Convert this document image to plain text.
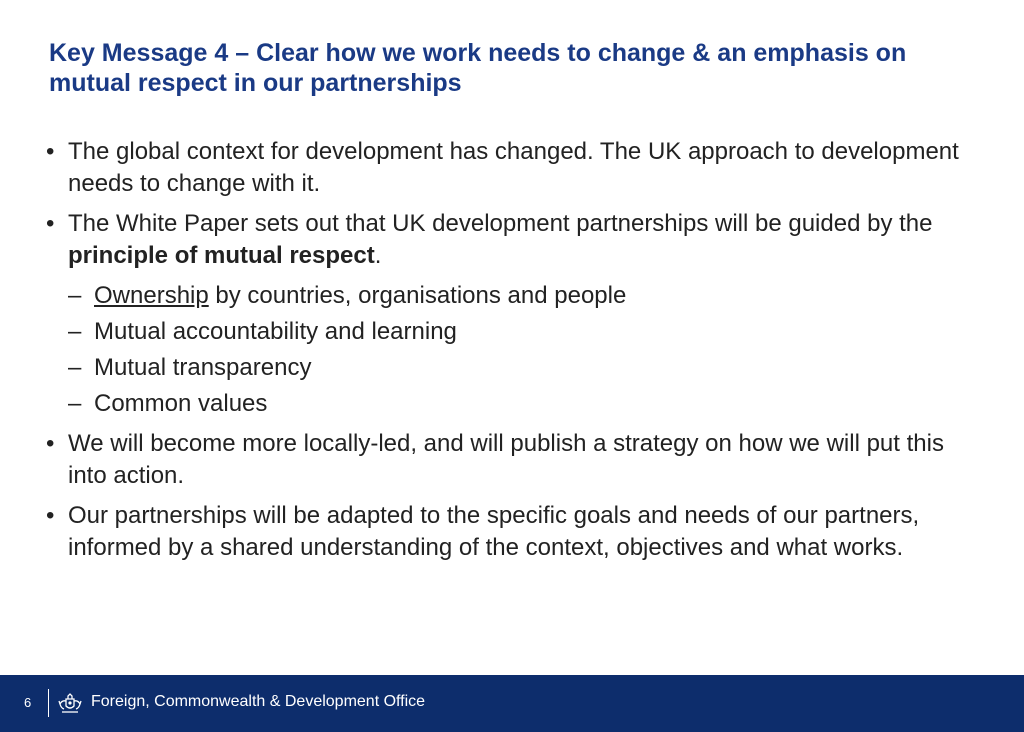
Key Message 4 – Clear how we work needs to change & an emphasis on mutual respect in our partnerships
• The global context for development has changed. The UK approach to development needs to change with it.
• The White Paper sets out that UK development partnerships will be guided by the principle of mutual respect.
– Ownership by countries, organisations and people
– Mutual accountability and learning
– Mutual transparency
– Common values
• We will become more locally-led, and will publish a strategy on how we will put this into action.
• Our partnerships will be adapted to the specific goals and needs of our partners, informed by a shared understanding of the context, objectives and what works.
6	Foreign, Commonwealth & Development Office
